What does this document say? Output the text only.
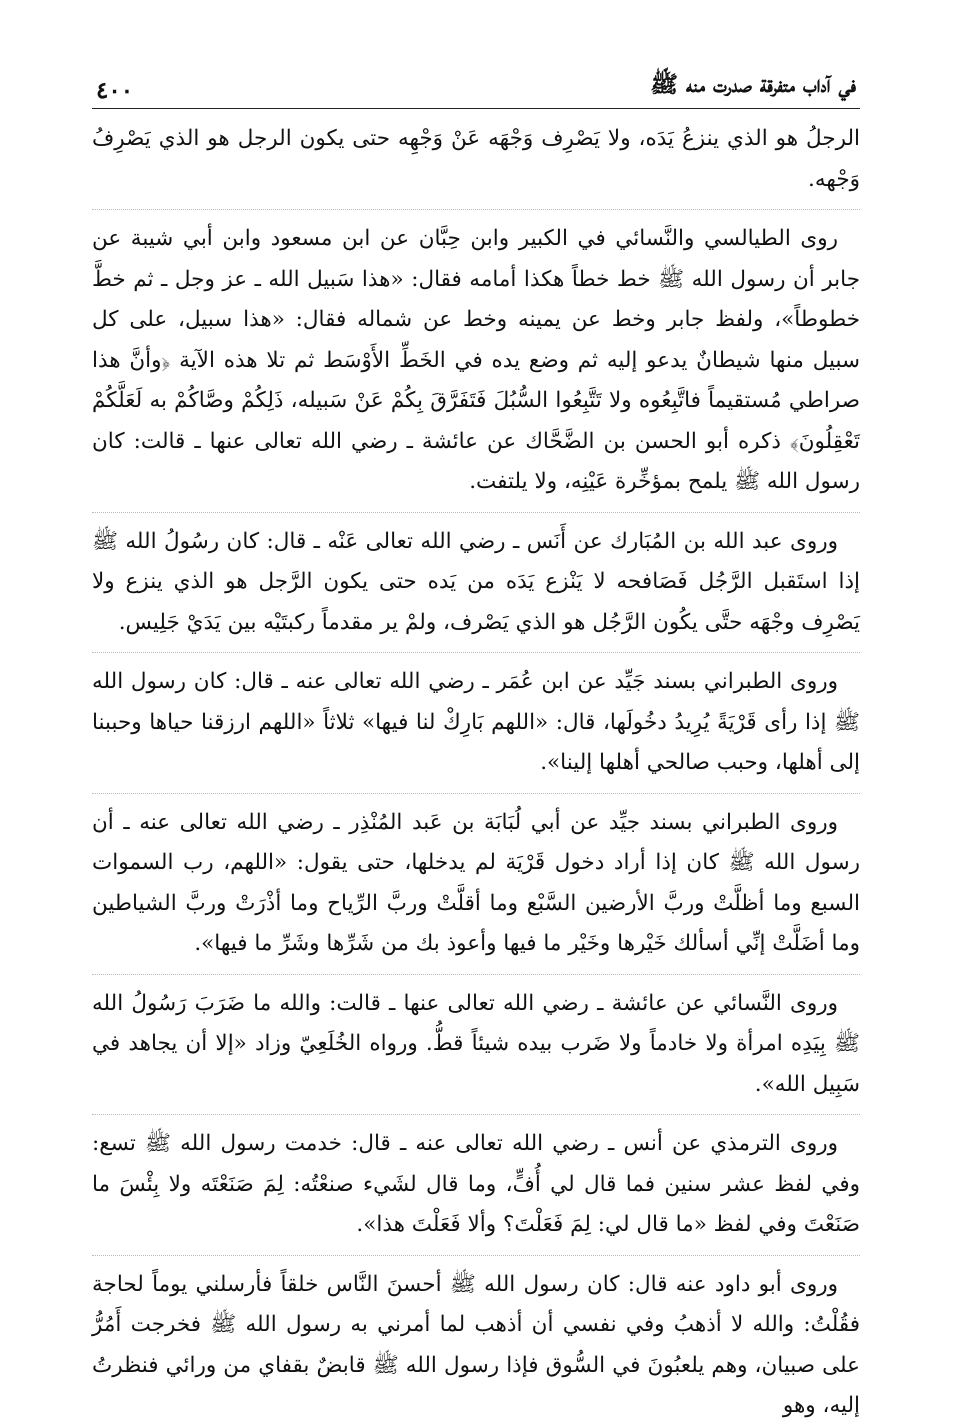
في آداب متفرقة صدرت منه ﷺ
٤٠٠

الرجلُ هو الذي ينزعُ يَدَه، ولا يَصْرِف وَجْهَه عَنْ وَجْهِه حتى يكون الرجل هو الذي يَصْرِفُ وَجْهه.

روى الطيالسي والنَّسائي في الكبير وابن حِبَّان عن ابن مسعود وابن أبي شيبة عن جابر أن رسول الله ﷺ خط خطاً هكذا أمامه فقال: «هذا سَبيل الله ـ عز وجل ـ ثم خطَّ خطوطاً»، ولفظ جابر وخط عن يمينه وخط عن شماله فقال: «هذا سبيل، على كل سبيل منها شيطانٌ يدعو إليه ثم وضع يده في الخَطِّ الأَوْسَط ثم تلا هذه الآية ﴿وأنَّ هذا صراطي مُستقيماً فاتَّبِعُوه ولا تَتَّبِعُوا السُّبُلَ فَتَفَرَّقَ بِكُمْ عَنْ سَبيله، ذَلِكُمْ وصَّاكُمْ به لَعَلَّكُمْ تَعْقِلُونَ﴾ ذكره أبو الحسن بن الضَّحَّاك عن عائشة ـ رضي الله تعالى عنها ـ قالت: كان رسول الله ﷺ يلمح بمؤخِّرة عَيْنِه، ولا يلتفت.

وروى عبد الله بن المُبَارك عن أَنَس ـ رضي الله تعالى عَنْه ـ قال: كان رسُولُ الله ﷺ إذا استَقبل الرَّجُل فَصَافحه لا يَنْزع يَدَه من يَده حتى يكون الرَّجل هو الذي ينزع ولا يَصْرِف وجْهَه حتَّى يكُون الرَّجُل هو الذي يَصْرف، ولمْ ير مقدماً ركبتَيْه بين يَدَيْ جَلِيس.

وروى الطبراني بسند جَيِّد عن ابن عُمَر ـ رضي الله تعالى عنه ـ قال: كان رسول الله ﷺ إذا رأى قَرْيَةً يُرِيدُ دخُولَها، قال: «اللهم بَارِكْ لنا فيها» ثلاثاً «اللهم ارزقنا حياها وحببنا إلى أهلها، وحبب صالحي أهلها إلينا».

وروى الطبراني بسند جيِّد عن أبي لُبَابَة بن عَبد المُنْذِر ـ رضي الله تعالى عنه ـ أن رسول الله ﷺ كان إذا أراد دخول قَرْيَة لم يدخلها، حتى يقول: «اللهم، رب السموات السبع وما أظلَّتْ وربَّ الأرضين السَّبْع وما أقلَّتْ وربَّ الرِّياح وما أذْرَتْ وربَّ الشياطين وما أضَلَّتْ إنِّي أسألك خَيْرها وخَيْر ما فيها وأعوذ بك من شَرِّها وشَرِّ ما فيها».

وروى النَّسائي عن عائشة ـ رضي الله تعالى عنها ـ قالت: والله ما ضَرَبَ رَسُولُ الله ﷺ بِيَدِه امرأة ولا خادماً ولا ضَرب بيده شيئاً قطُّ. ورواه الخُلَعِيّ وزاد «إلا أن يجاهد في سَبِيل الله».

وروى الترمذي عن أنس ـ رضي الله تعالى عنه ـ قال: خدمت رسول الله ﷺ تسع: وفي لفظ عشر سنين فما قال لي أُفٍّ، وما قال لشَيء صنعْتُه: لِمَ صَنَعْتَه ولا بِئْسَ ما صَنَعْتَ وفي لفظ «ما قال لي: لِمَ فَعَلْتَ؟ وألا فَعَلْتَ هذا».

وروى أبو داود عنه قال: كان رسول الله ﷺ أحسنَ النَّاس خلقاً فأرسلني يوماً لحاجة فقُلْتُ: والله لا أذهبُ وفي نفسي أن أذهب لما أمرني به رسول الله ﷺ فخرجت أَمُرُّ على صبيان، وهم يلعبُونَ في السُّوق فإذا رسول الله ﷺ قابضٌ بقفاي من ورائي فنظرتُ إليه، وهو
